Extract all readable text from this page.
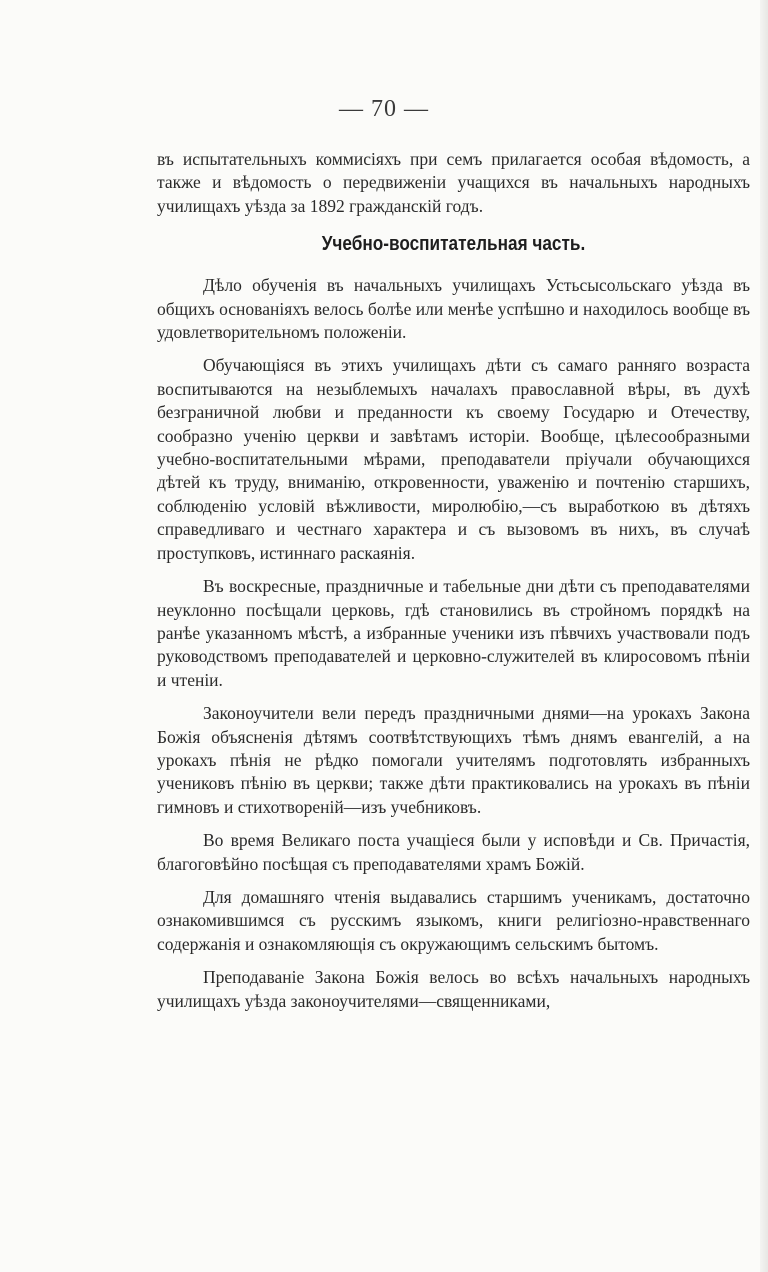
— 70 —

въ испытательныхъ коммисіяхъ при семъ прилагается особая вѣдомость, а также и вѣдомость о передвиженіи учащихся въ начальныхъ народныхъ училищахъ уѣзда за 1892 гражданскій годъ.

Учебно-воспитательная часть.

Дѣло обученія въ начальныхъ училищахъ Устьсысольскаго уѣзда въ общихъ основаніяхъ велось болѣе или менѣе успѣшно и находилось вообще въ удовлетворительномъ положеніи.

Обучающіяся въ этихъ училищахъ дѣти съ самаго ранняго возраста воспитываются на незыблемыхъ началахъ православной вѣры, въ духѣ безграничной любви и преданности къ своему Государю и Отечеству, сообразно ученію церкви и завѣтамъ исторіи. Вообще, цѣлесообразными учебно-воспитательными мѣрами, преподаватели пріучали обучающихся дѣтей къ труду, вниманію, откровенности, уваженію и почтенію старшихъ, соблюденію условій вѣжливости, миролюбію,—съ выработкою въ дѣтяхъ справедливаго и честнаго характера и съ вызовомъ въ нихъ, въ случаѣ проступковъ, истиннаго раскаянія.

Въ воскресные, праздничные и табельные дни дѣти съ преподавателями неуклонно посѣщали церковь, гдѣ становились въ стройномъ порядкѣ на ранѣе указанномъ мѣстѣ, а избранные ученики изъ пѣвчихъ участвовали подъ руководствомъ преподавателей и церковно-служителей въ клиросовомъ пѣніи и чтеніи.

Законоучители вели передъ праздничными днями—на урокахъ Закона Божія объясненія дѣтямъ соотвѣтствующихъ тѣмъ днямъ евангелій, а на урокахъ пѣнія не рѣдко помогали учителямъ подготовлять избранныхъ учениковъ пѣнію въ церкви; также дѣти практиковались на урокахъ въ пѣніи гимновъ и стихотвореній—изъ учебниковъ.

Во время Великаго поста учащіеся были у исповѣди и Св. Причастія, благоговѣйно посѣщая съ преподавателями храмъ Божій.

Для домашняго чтенія выдавались старшимъ ученикамъ, достаточно ознакомившимся съ русскимъ языкомъ, книги религіозно-нравственнаго содержанія и ознакомляющія съ окружающимъ сельскимъ бытомъ.

Преподаваніе Закона Божія велось во всѣхъ начальныхъ народныхъ училищахъ уѣзда законоучителями—священниками,
